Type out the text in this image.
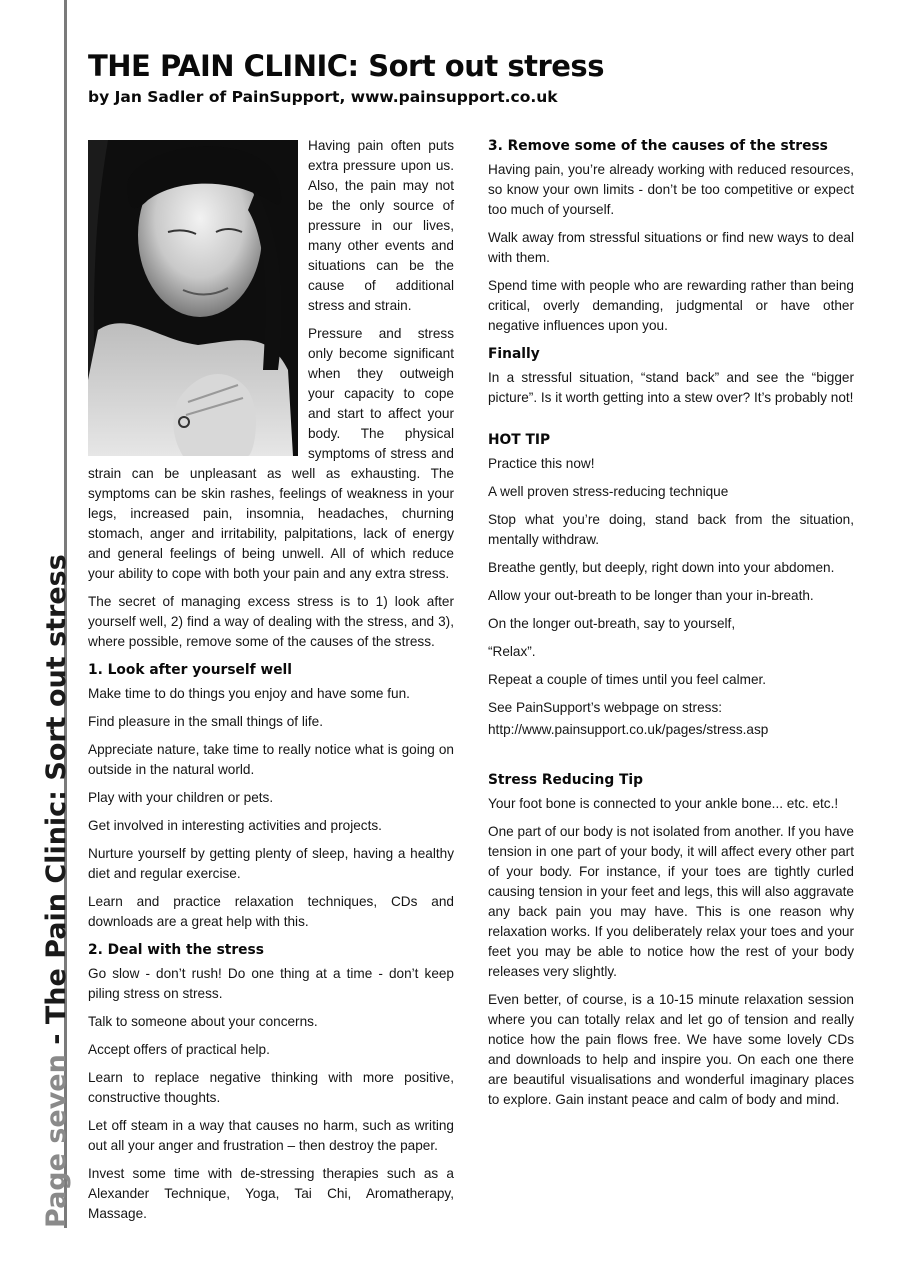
Page seven - The Pain Clinic: Sort out stress
THE PAIN CLINIC: Sort out stress

by Jan Sadler of PainSupport, www.painsupport.co.uk

Having pain often puts extra pressure upon us. Also, the pain may not be the only source of pressure in our lives, many other events and situations can be the cause of additional stress and strain.

Pressure and stress only become significant when they outweigh your capacity to cope and start to affect your body. The physical symptoms of stress and strain can be unpleasant as well as exhausting. The symptoms can be skin rashes, feelings of weakness in your legs, increased pain, insomnia, headaches, churning stomach, anger and irritability, palpitations, lack of energy and general feelings of being unwell. All of which reduce your ability to cope with both your pain and any extra stress.

The secret of managing excess stress is to 1) look after yourself well, 2) find a way of dealing with the stress, and 3), where possible, remove some of the causes of the stress.

1. Look after yourself well

Make time to do things you enjoy and have some fun.

Find pleasure in the small things of life.

Appreciate nature, take time to really notice what is going on outside in the natural world.

Play with your children or pets.

Get involved in interesting activities and projects.

Nurture yourself by getting plenty of sleep, having a healthy diet and regular exercise.

Learn and practice relaxation techniques, CDs and downloads are a great help with this.

2. Deal with the stress

Go slow - don’t rush! Do one thing at a time - don’t keep piling stress on stress.

Talk to someone about your concerns.

Accept offers of practical help.

Learn to replace negative thinking with more positive, constructive thoughts.

Let off steam in a way that causes no harm, such as writing out all your anger and frustration – then destroy the paper.

Invest some time with de-stressing therapies such as a Alexander Technique, Yoga, Tai Chi, Aromatherapy, Massage.

3. Remove some of the causes of the stress

Having pain, you’re already working with reduced resources, so know your own limits - don’t be too competitive or expect too much of yourself.

Walk away from stressful situations or find new ways to deal with them.

Spend time with people who are rewarding rather than being critical, overly demanding, judgmental or have other negative influences upon you.

Finally

In a stressful situation, “stand back” and see the “bigger picture”. Is it worth getting into a stew over? It’s probably not!

HOT TIP

Practice this now!

A well proven stress-reducing technique

Stop what you’re doing, stand back from the situation, mentally withdraw.

Breathe gently, but deeply, right down into your abdomen.

Allow your out-breath to be longer than your in-breath.

On the longer out-breath, say to yourself,

“Relax”.

Repeat a couple of times until you feel calmer.

See PainSupport’s webpage on stress:

http://www.painsupport.co.uk/pages/stress.asp

Stress Reducing Tip

Your foot bone is connected to your ankle bone... etc. etc.!

One part of our body is not isolated from another. If you have tension in one part of your body, it will affect every other part of your body. For instance, if your toes are tightly curled causing tension in your feet and legs, this will also aggravate any back pain you may have. This is one reason why relaxation works. If you deliberately relax your toes and your feet you may be able to notice how the rest of your body releases very slightly.

Even better, of course, is a 10-15 minute relaxation session where you can totally relax and let go of tension and really notice how the pain flows free. We have some lovely CDs and downloads to help and inspire you. On each one there are beautiful visualisations and wonderful imaginary places to explore. Gain instant peace and calm of body and mind.
